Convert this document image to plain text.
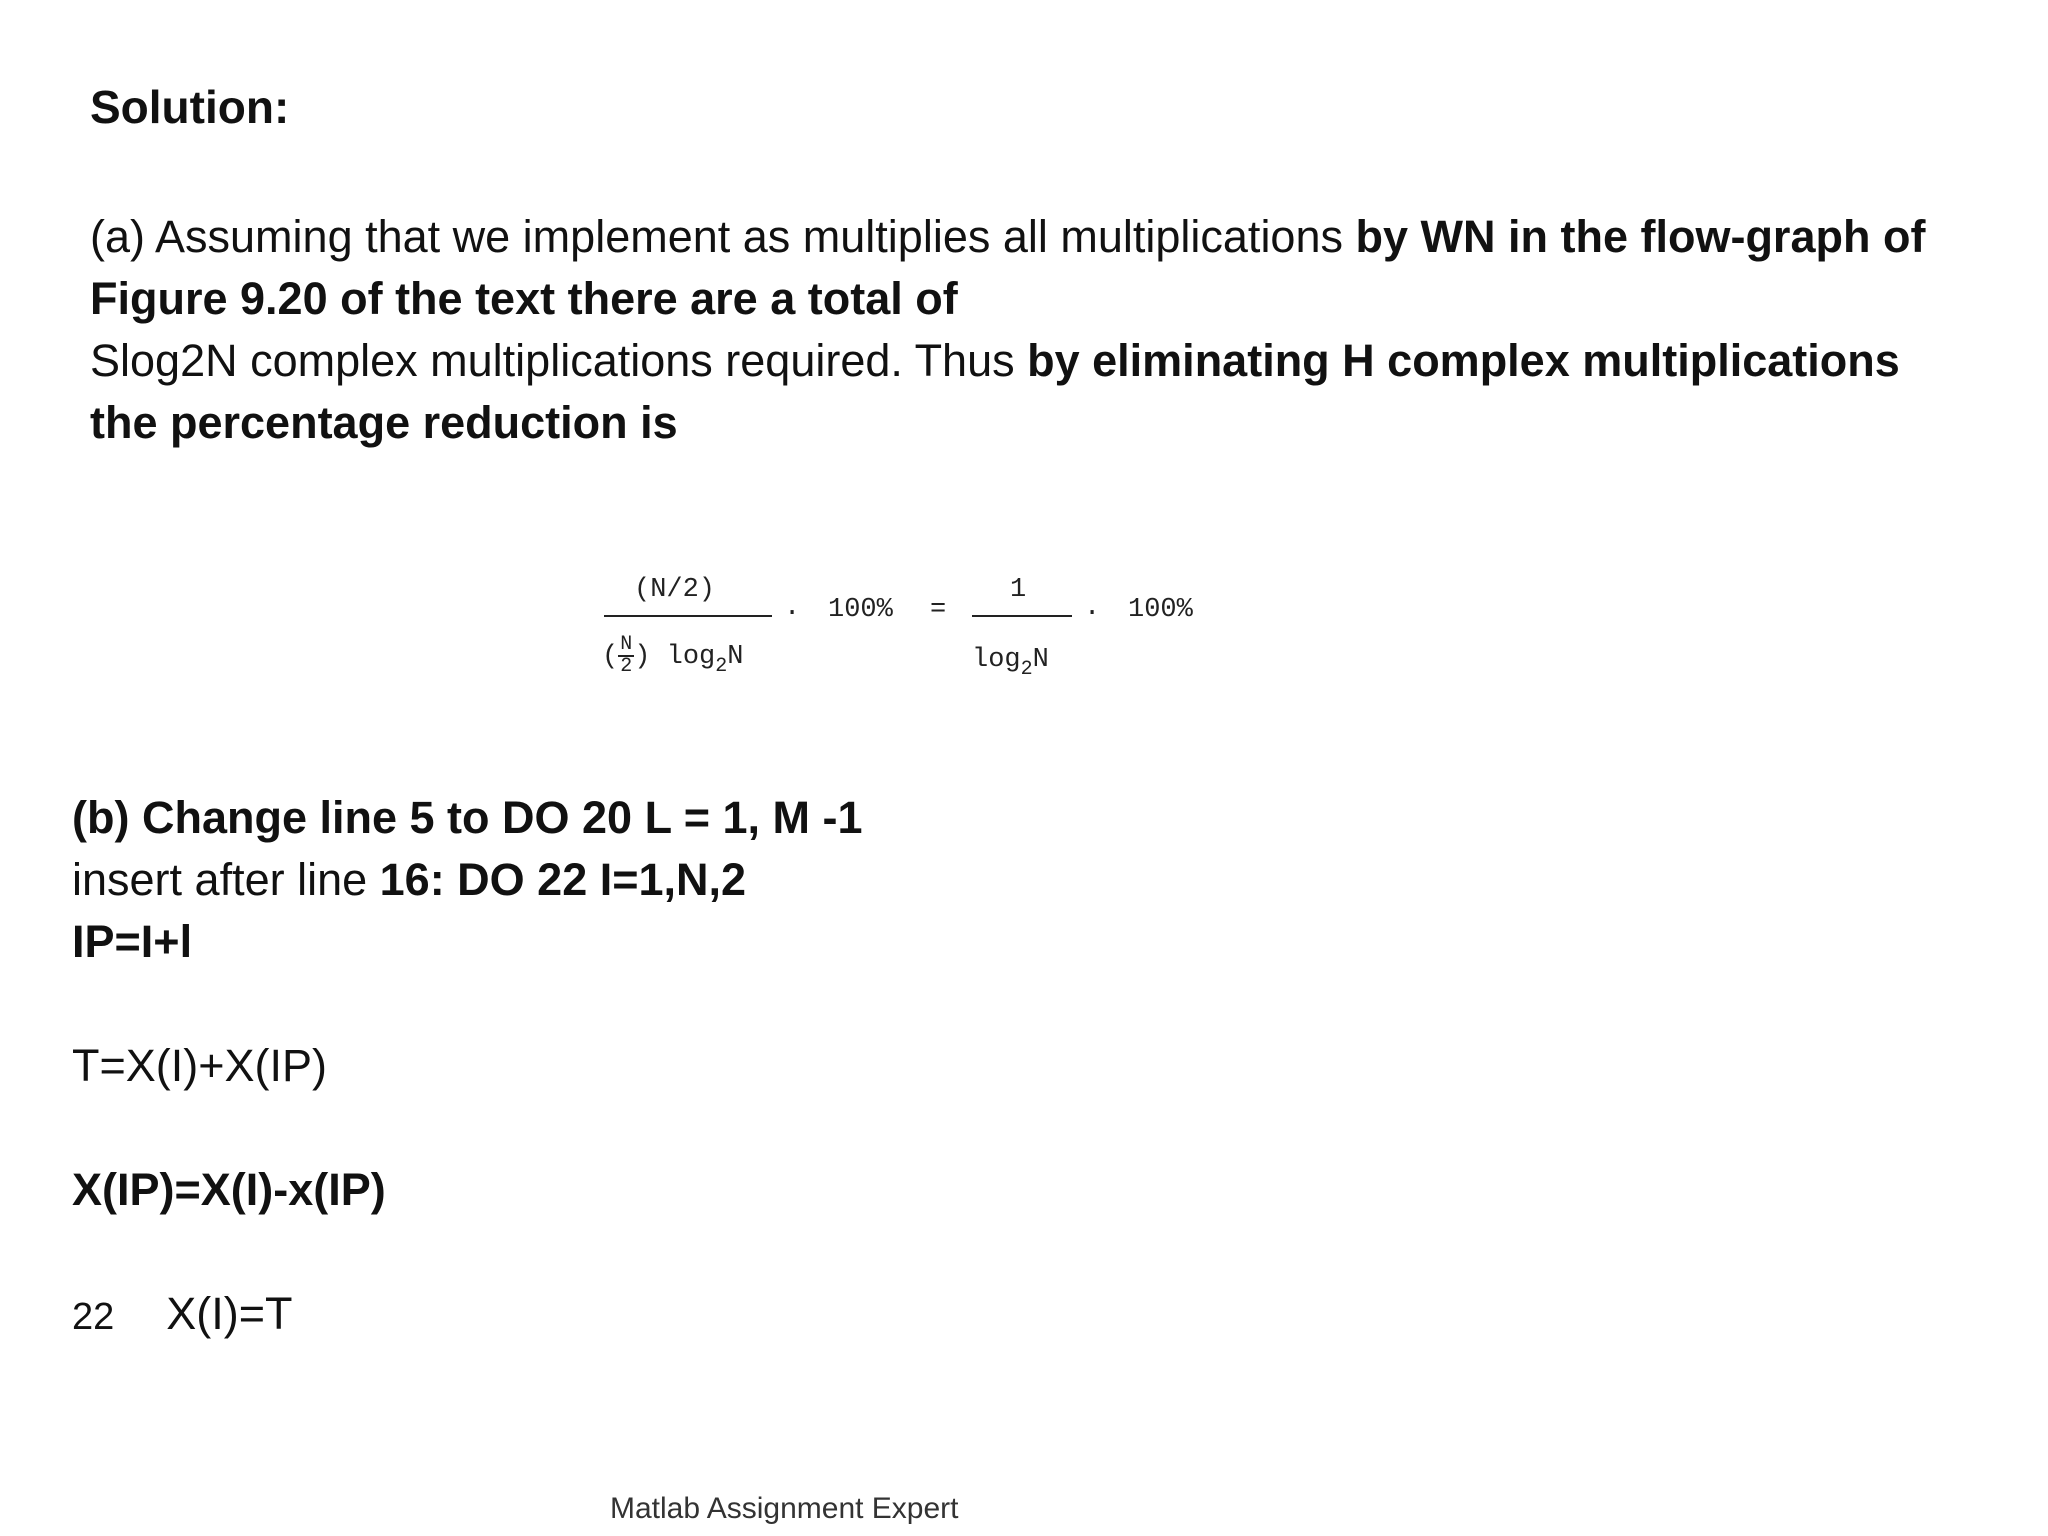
Solution:

(a) Assuming that we implement as multiplies all multiplications by WN in the flow-graph of Figure 9.20 of the text there are a total of
Slog2N complex multiplications required. Thus by eliminating H complex multiplications the percentage reduction is

(N/2)
. 100% =
1
. 100%
( $\frac{N}{2}$ ) $\log_2N$	$\log_2N$
(b) Change line 5 to DO 20 L = 1, M -1
insert after line 16: DO 22 I=1,N,2
IP=I+l
T=X(I)+X(IP)
X(IP)=X(I)-x(IP)
22 X(I)=T
Matlab Assignment Expert
